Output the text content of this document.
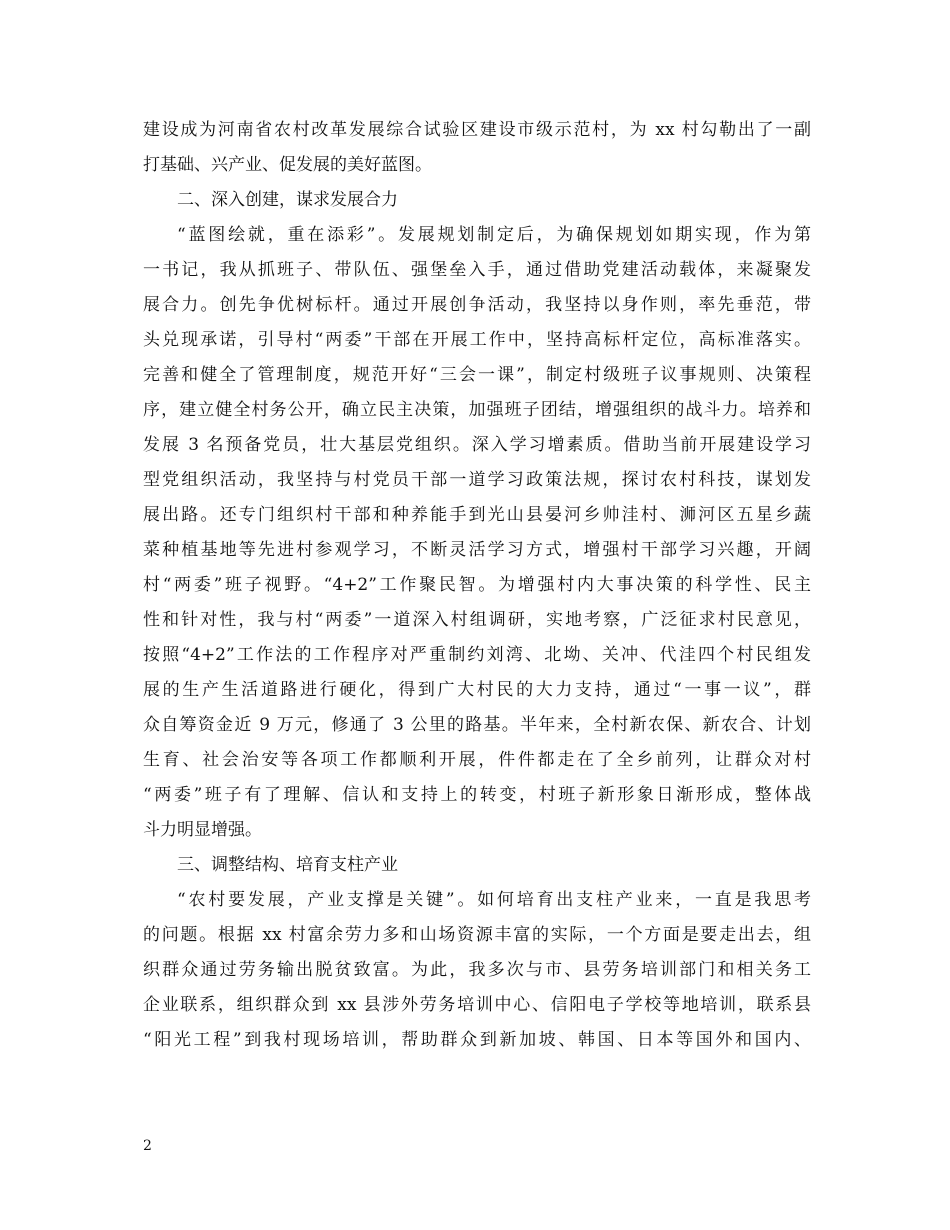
建设成为河南省农村改革发展综合试验区建设市级示范村，为 xx 村勾勒出了一副
打基础、兴产业、促发展的美好蓝图。
二、深入创建，谋求发展合力
“蓝图绘就，重在添彩”。发展规划制定后，为确保规划如期实现，作为第
一书记，我从抓班子、带队伍、强堡垒入手，通过借助党建活动载体，来凝聚发
展合力。创先争优树标杆。通过开展创争活动，我坚持以身作则，率先垂范，带
头兑现承诺，引导村“两委”干部在开展工作中，坚持高标杆定位，高标准落实。
完善和健全了管理制度，规范开好“三会一课”，制定村级班子议事规则、决策程
序，建立健全村务公开，确立民主决策，加强班子团结，增强组织的战斗力。培养和
发展 3 名预备党员，壮大基层党组织。深入学习增素质。借助当前开展建设学习
型党组织活动，我坚持与村党员干部一道学习政策法规，探讨农村科技，谋划发
展出路。还专门组织村干部和种养能手到光山县晏河乡帅洼村、浉河区五星乡蔬
菜种植基地等先进村参观学习，不断灵活学习方式，增强村干部学习兴趣，开阔
村“两委”班子视野。“4+2”工作聚民智。为增强村内大事决策的科学性、民主
性和针对性，我与村“两委”一道深入村组调研，实地考察，广泛征求村民意见，
按照“4+2”工作法的工作程序对严重制约刘湾、北坳、关冲、代洼四个村民组发
展的生产生活道路进行硬化，得到广大村民的大力支持，通过“一事一议”，群
众自筹资金近 9 万元，修通了 3 公里的路基。半年来，全村新农保、新农合、计划
生育、社会治安等各项工作都顺利开展，件件都走在了全乡前列，让群众对村
“两委”班子有了理解、信认和支持上的转变，村班子新形象日渐形成，整体战
斗力明显增强。
三、调整结构、培育支柱产业
“农村要发展，产业支撑是关键”。如何培育出支柱产业来，一直是我思考
的问题。根据 xx 村富余劳力多和山场资源丰富的实际，一个方面是要走出去，组
织群众通过劳务输出脱贫致富。为此，我多次与市、县劳务培训部门和相关务工
企业联系，组织群众到 xx 县涉外劳务培训中心、信阳电子学校等地培训，联系县
“阳光工程”到我村现场培训，帮助群众到新加坡、韩国、日本等国外和国内、
2
